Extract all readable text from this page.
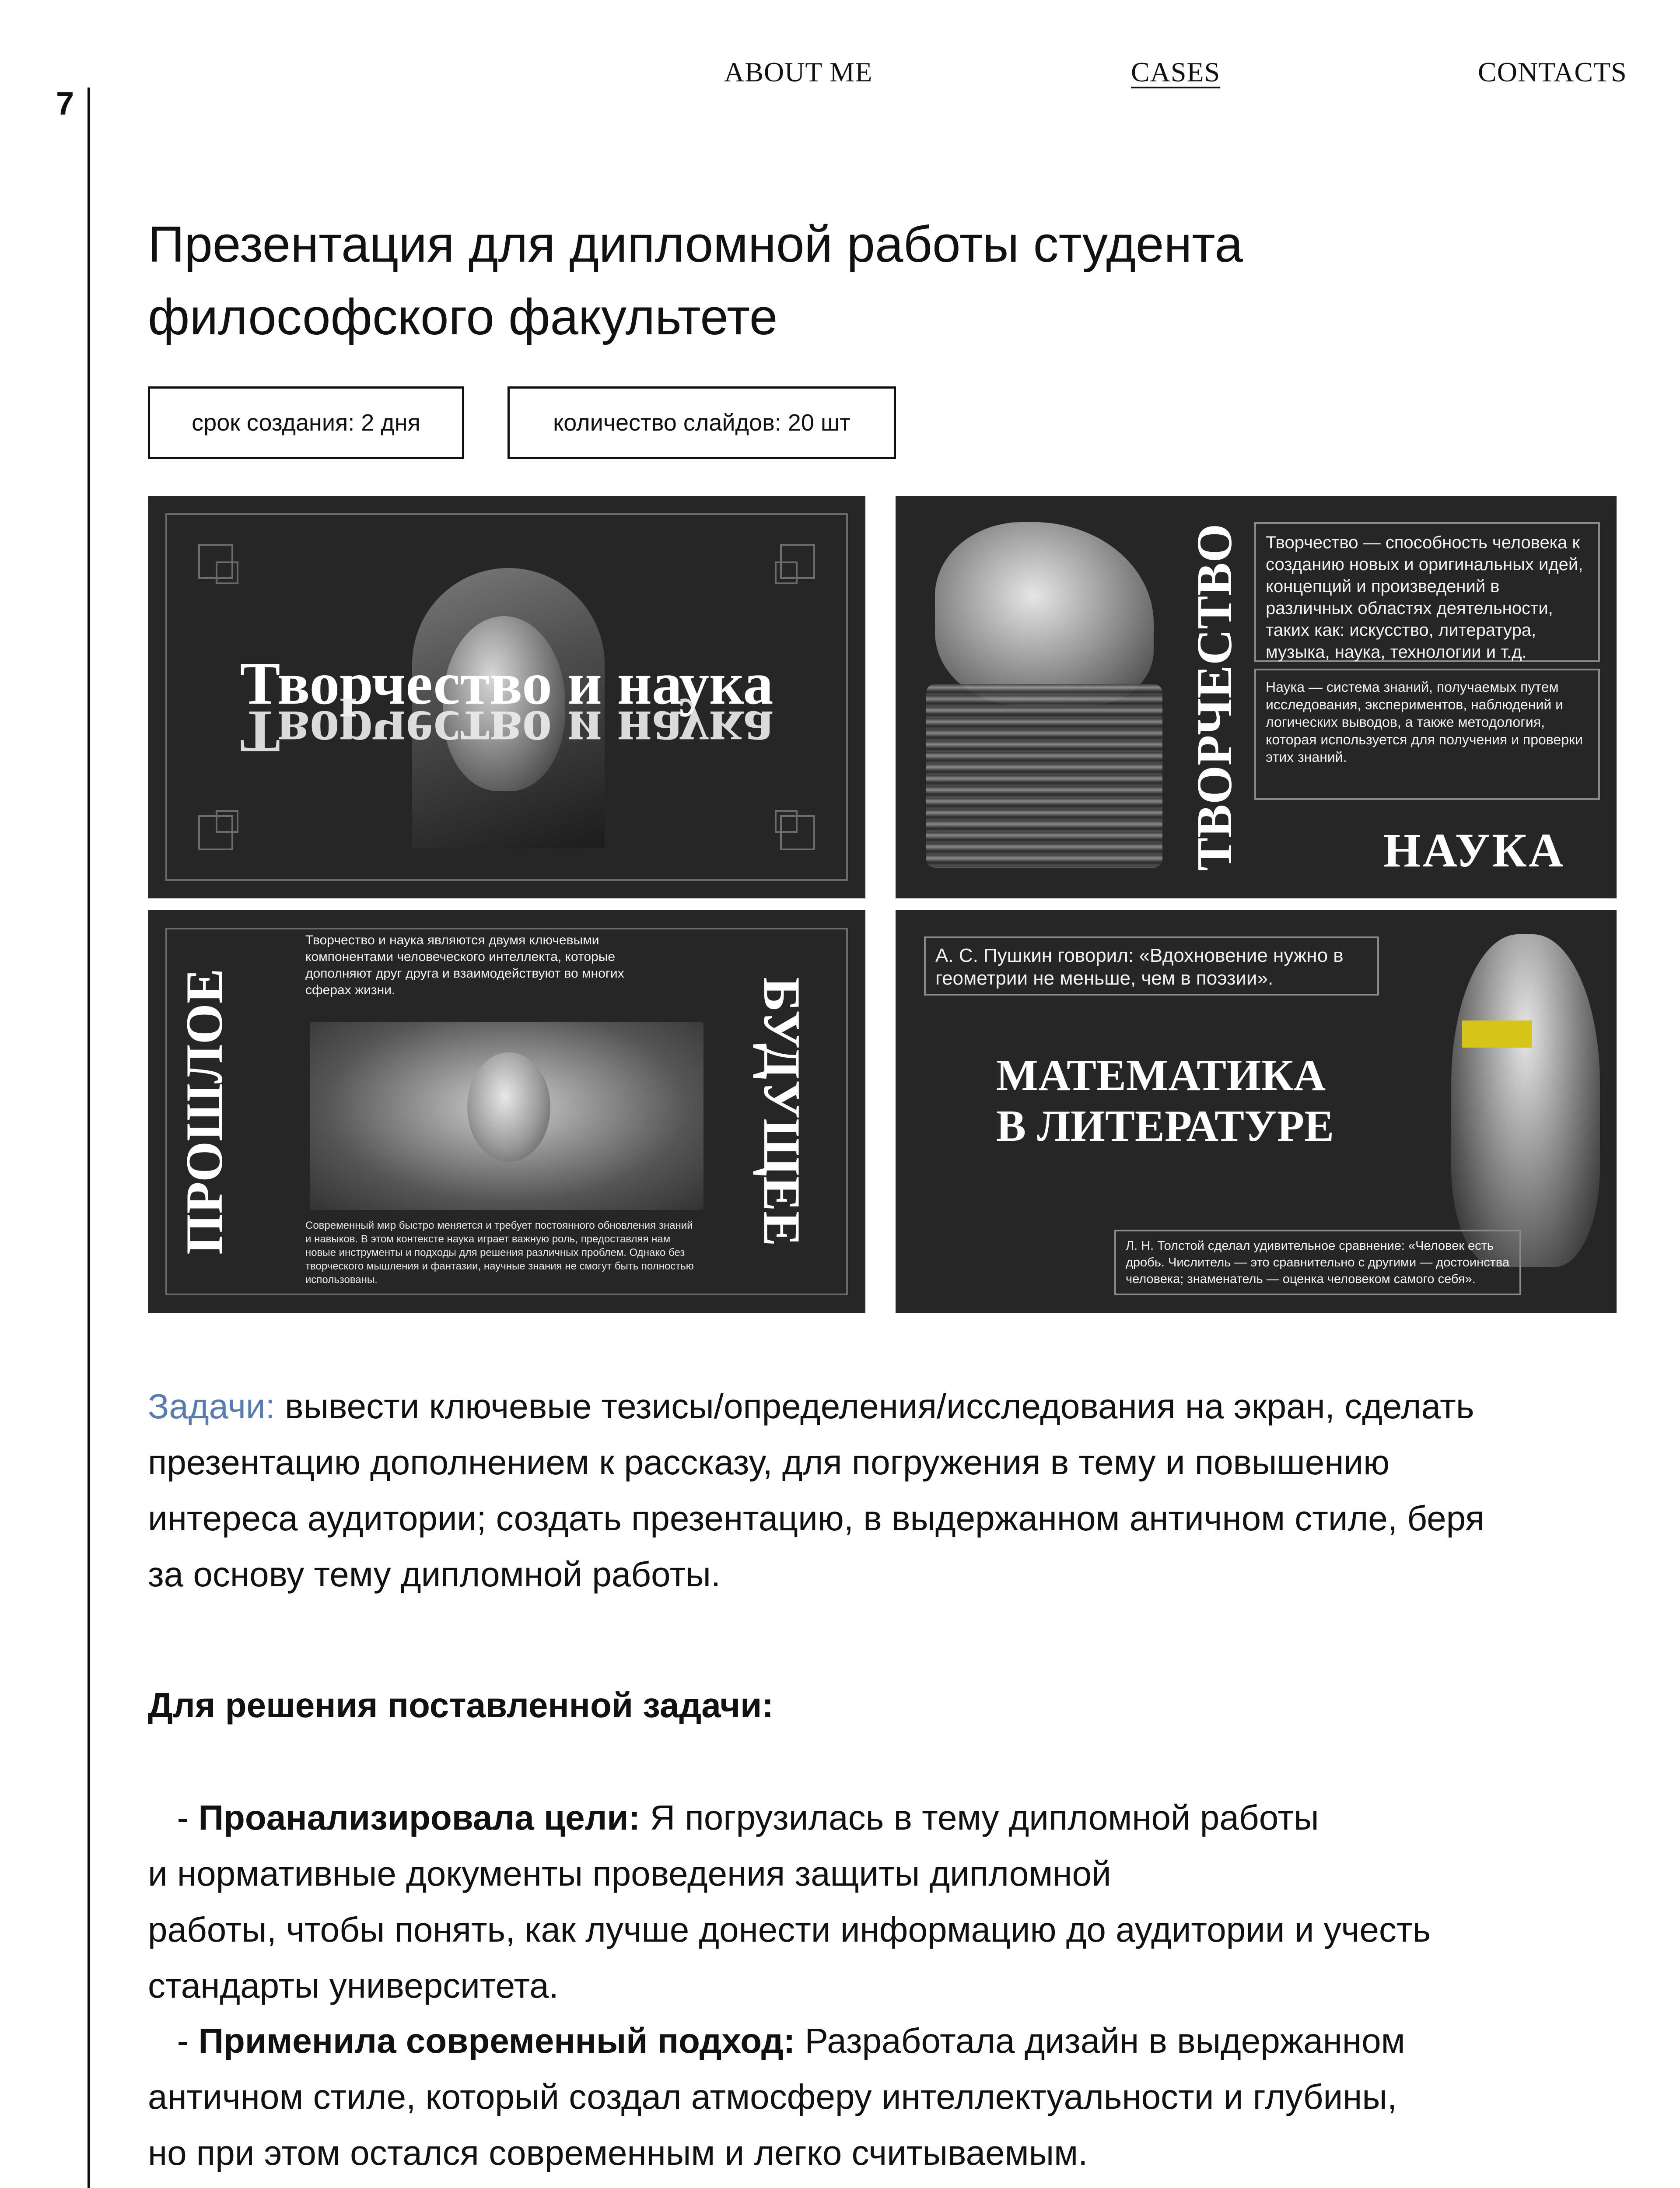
7
ABOUT ME	CASES	CONTACTS
Презентация для дипломной работы студента философского факультете
срок создания: 2 дня	количество слайдов: 20 шт
Творчество и наука
Творчество и наука	ТВОРЧЕСТВО	Творчество — способность человека к созданию новых и оригинальных идей, концепций и произведений в различных областях деятельности, таких как: искусство, литература, музыка, наука, технологии и т.д.
Наука — система знаний, получаемых путем исследования, экспериментов, наблюдений и логических выводов, а также методология, которая используется для получения и проверки этих знаний.
НАУКА
ПРОШЛОЕ	БУДУЩЕЕ
Творчество и наука являются двумя ключевыми компонентами человеческого интеллекта, которые дополняют друг друга и взаимодействуют во многих сферах жизни.
Современный мир быстро меняется и требует постоянного обновления знаний и навыков. В этом контексте наука играет важную роль, предоставляя нам новые инструменты и подходы для решения различных проблем. Однако без творческого мышления и фантазии, научные знания не смогут быть полностью использованы.
А. С. Пушкин говорил: «Вдохновение нужно в геометрии не меньше, чем в поэзии».
МАТЕМАТИКА
В ЛИТЕРАТУРЕ
Л. Н. Толстой сделал удивительное сравнение: «Человек есть дробь. Числитель — это сравнительно с другими — достоинства человека; знаменатель — оценка человеком самого себя».
Задачи: вывести ключевые тезисы/определения/исследования на экран, сделать
презентацию дополнением к рассказу, для погружения в тему и повышению
интереса аудитории; создать презентацию, в выдержанном античном стиле, беря
за основу тему дипломной работы.
Для решения поставленной задачи:
- Проанализировала цели: Я погрузилась в тему дипломной работы
и нормативные документы проведения защиты дипломной
работы, чтобы понять, как лучше донести информацию до аудитории и учесть
стандарты университета.
- Применила современный подход: Разработала дизайн в выдержанном
античном стиле, который создал атмосферу интеллектуальности и глубины,
но при этом остался современным и легко считываемым.
